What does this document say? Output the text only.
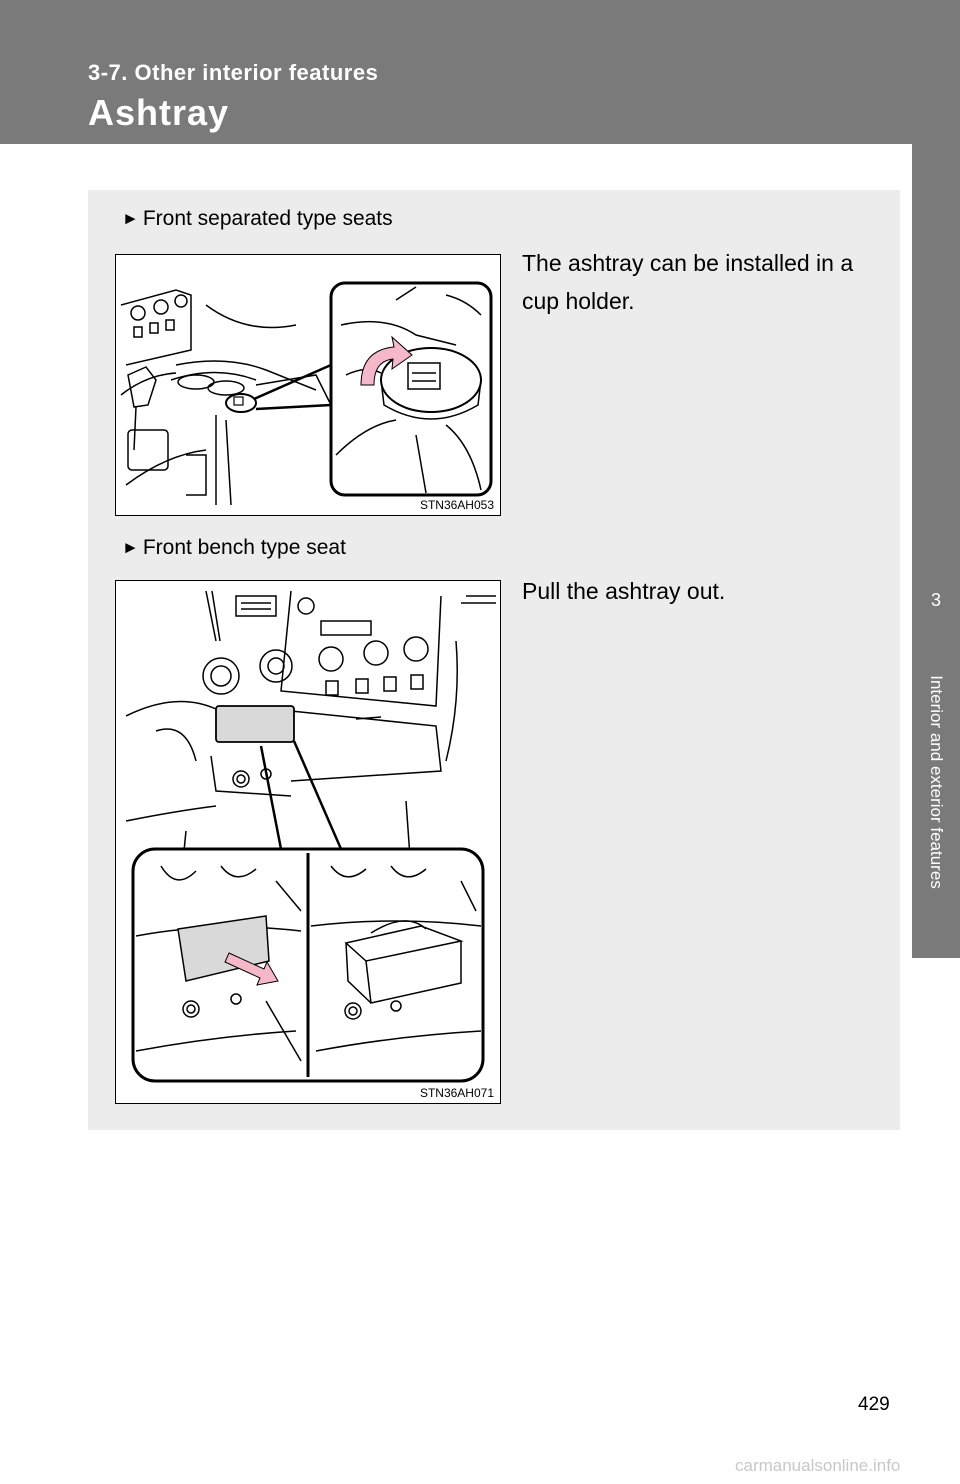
3-7. Other interior features
Ashtray
3
Interior and exterior features
► Front separated type seats
The ashtray can be installed in a cup holder.
STN36AH053
► Front bench type seat
Pull the ashtray out.
STN36AH071
429
carmanualsonline.info
